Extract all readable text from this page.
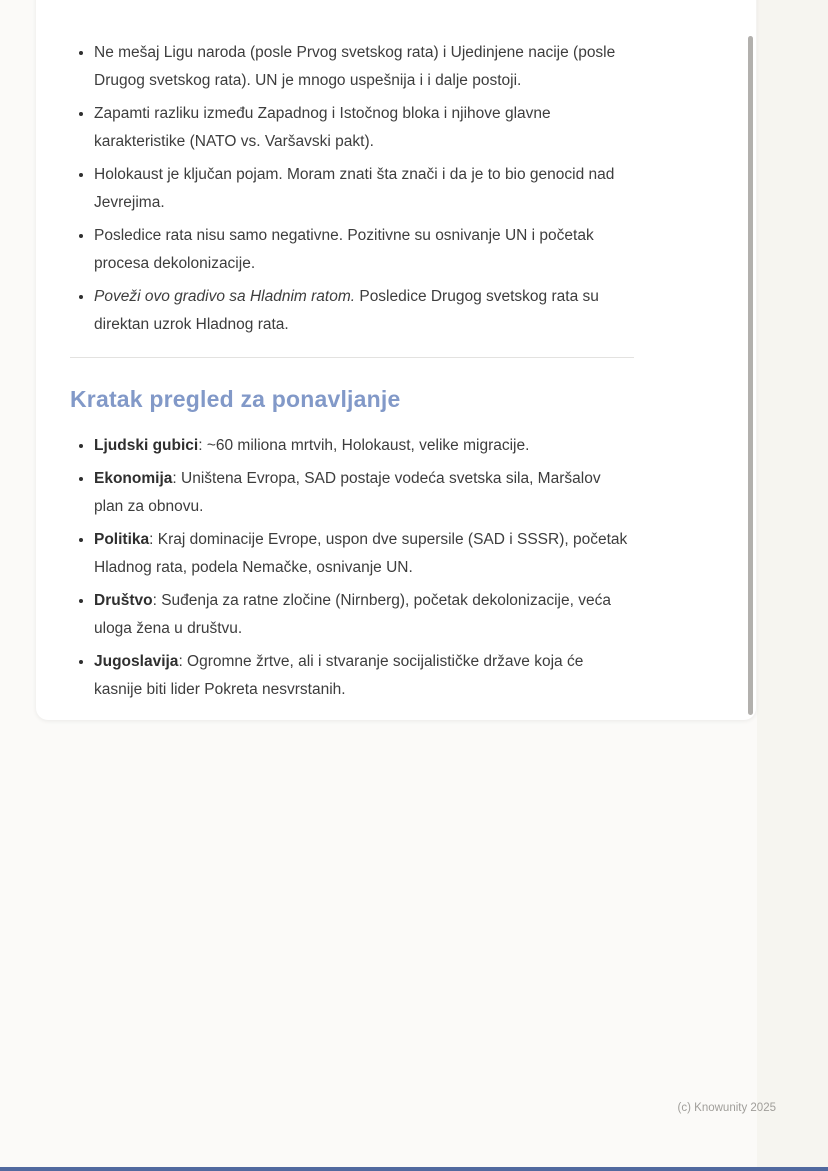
• Ne mešaj Ligu naroda (posle Prvog svetskog rata) i Ujedinjene nacije (posle Drugog svetskog rata). UN je mnogo uspešnija i i dalje postoji.
• Zapamti razliku između Zapadnog i Istočnog bloka i njihove glavne karakteristike (NATO vs. Varšavski pakt).
• Holokaust je ključan pojam. Moram znati šta znači i da je to bio genocid nad Jevrejima.
• Posledice rata nisu samo negativne. Pozitivne su osnivanje UN i početak procesa dekolonizacije.
• Poveži ovo gradivo sa Hladnim ratom. Posledice Drugog svetskog rata su direktan uzrok Hladnog rata.
Kratak pregled za ponavljanje
• Ljudski gubici: ~60 miliona mrtvih, Holokaust, velike migracije.
• Ekonomija: Uništena Evropa, SAD postaje vodeća svetska sila, Maršalov plan za obnovu.
• Politika: Kraj dominacije Evrope, uspon dve supersile (SAD i SSSR), početak Hladnog rata, podela Nemačke, osnivanje UN.
• Društvo: Suđenja za ratne zločine (Nirnberg), početak dekolonizacije, veća uloga žena u društvu.
• Jugoslavija: Ogromne žrtve, ali i stvaranje socijalističke države koja će kasnije biti lider Pokreta nesvrstanih.
(c) Knowunity 2025
